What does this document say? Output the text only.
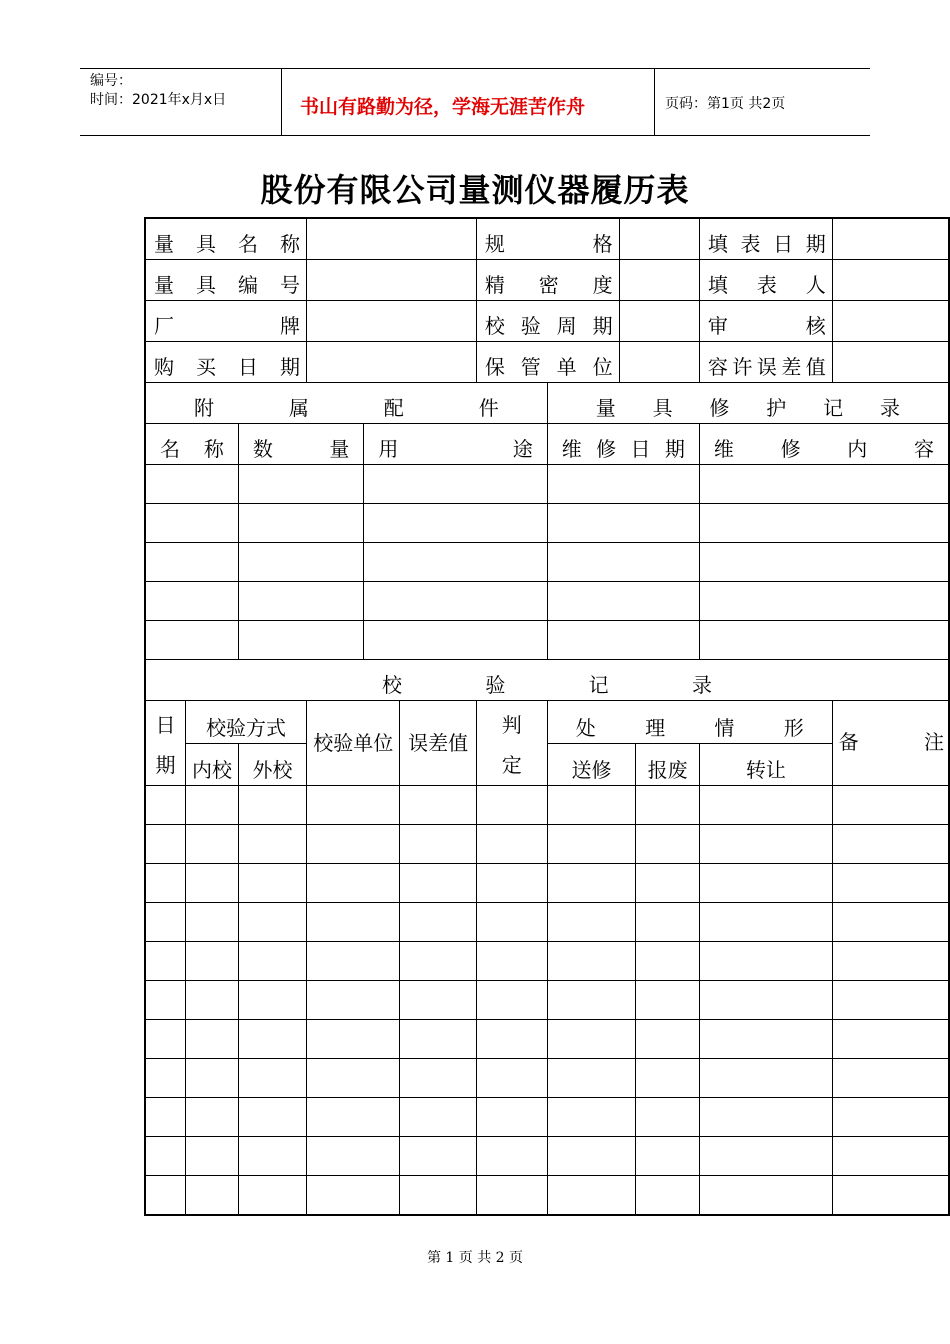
编号：
时间：2021年x月x日	书山有路勤为径，学海无涯苦作舟	页码：第1页 共2页
股份有限公司量测仪器履历表
量具名称						规格				填表日期	
量具编号						精密度				填表人	
厂牌						校验周期				审核	
购买日期						保管单位				容许误差值	
附属配件							量具修护记录				
名称		数量		用途			维修日期			维修内容	

校验记录											

日期	校验方式		校验单位		误差值	判定	处理情形				备注
	内校	外校					送修		报废	转让	

第 1 页 共 2 页
